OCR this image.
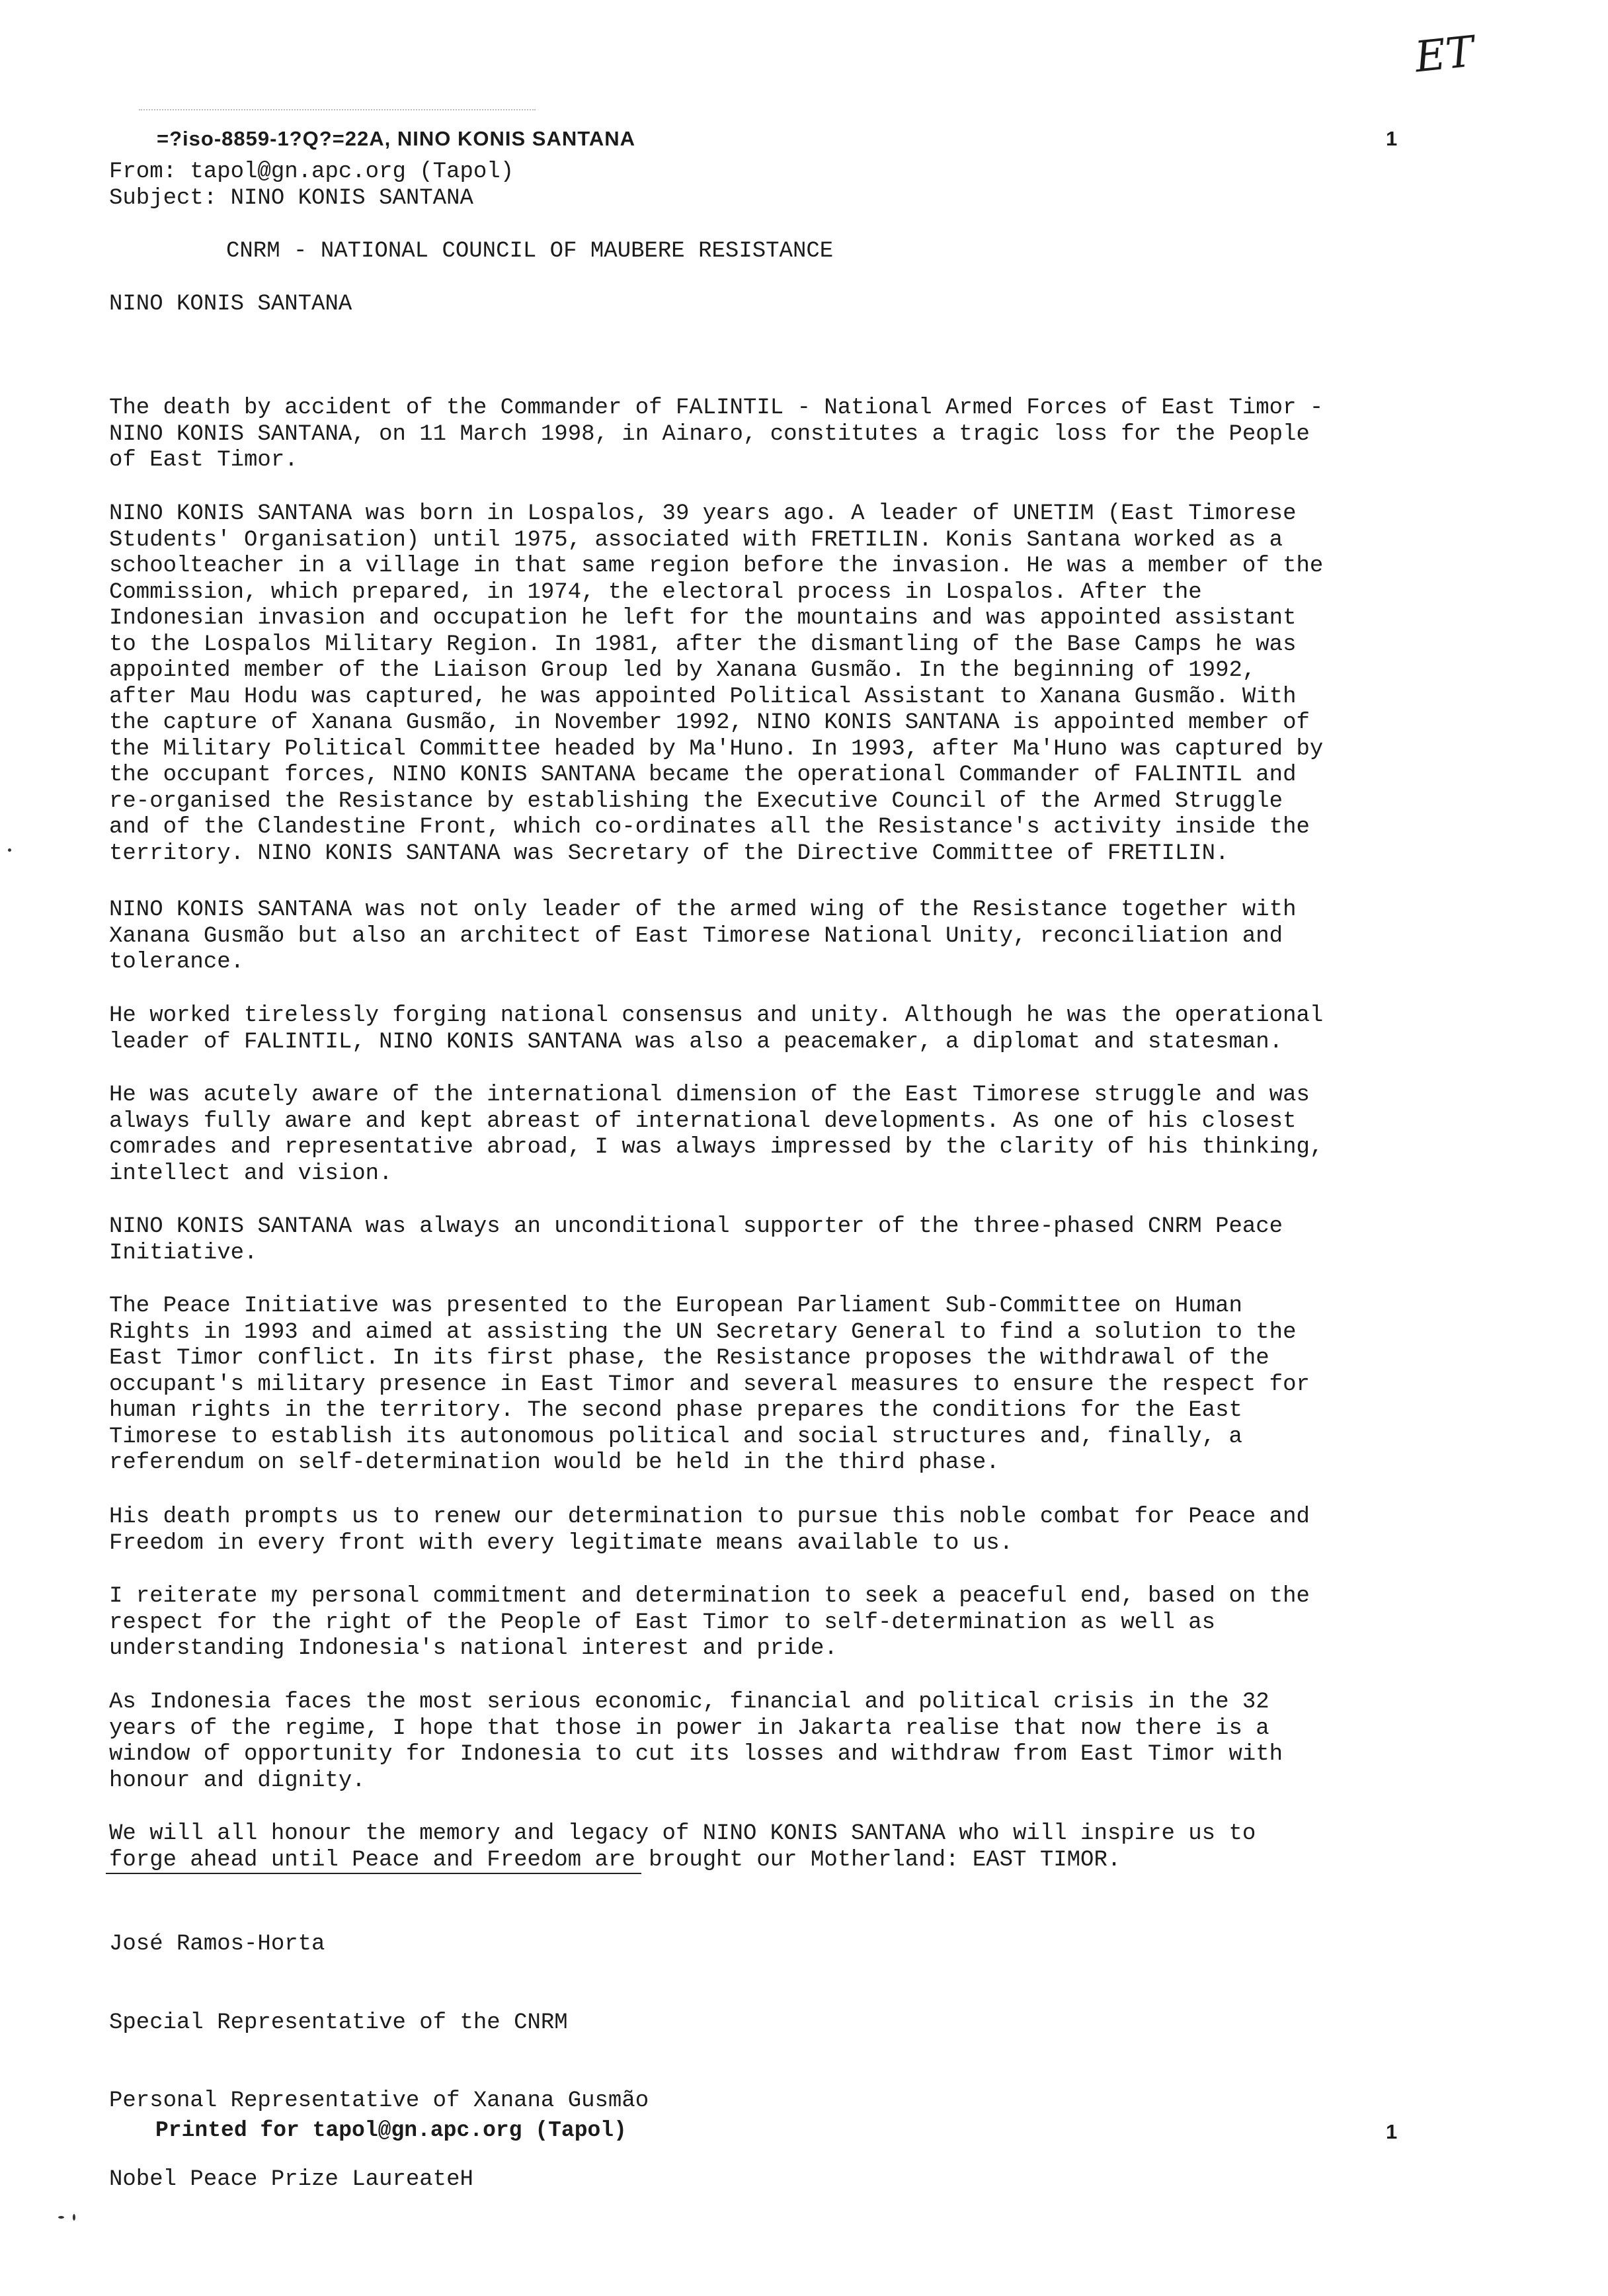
ET
=?iso-8859-1?Q?=22A, NINO KONIS SANTANA	1
From: tapol@gn.apc.org (Tapol)
Subject: NINO KONIS SANTANA
CNRM - NATIONAL COUNCIL OF MAUBERE RESISTANCE
NINO KONIS SANTANA

The death by accident of the Commander of FALINTIL - National Armed Forces of East Timor -
NINO KONIS SANTANA, on 11 March 1998, in Ainaro, constitutes a tragic loss for the People
of East Timor.

NINO KONIS SANTANA was born in Lospalos, 39 years ago. A leader of UNETIM (East Timorese
Students' Organisation) until 1975, associated with FRETILIN. Konis Santana worked as a
schoolteacher in a village in that same region before the invasion. He was a member of the
Commission, which prepared, in 1974, the electoral process in Lospalos. After the
Indonesian invasion and occupation he left for the mountains and was appointed assistant
to the Lospalos Military Region. In 1981, after the dismantling of the Base Camps he was
appointed member of the Liaison Group led by Xanana Gusmão. In the beginning of 1992,
after Mau Hodu was captured, he was appointed Political Assistant to Xanana Gusmão. With
the capture of Xanana Gusmão, in November 1992, NINO KONIS SANTANA is appointed member of
the Military Political Committee headed by Ma'Huno. In 1993, after Ma'Huno was captured by
the occupant forces, NINO KONIS SANTANA became the operational Commander of FALINTIL and
re-organised the Resistance by establishing the Executive Council of the Armed Struggle
and of the Clandestine Front, which co-ordinates all the Resistance's activity inside the
territory. NINO KONIS SANTANA was Secretary of the Directive Committee of FRETILIN.

NINO KONIS SANTANA was not only leader of the armed wing of the Resistance together with
Xanana Gusmão but also an architect of East Timorese National Unity, reconciliation and
tolerance.

He worked tirelessly forging national consensus and unity. Although he was the operational
leader of FALINTIL, NINO KONIS SANTANA was also a peacemaker, a diplomat and statesman.

He was acutely aware of the international dimension of the East Timorese struggle and was
always fully aware and kept abreast of international developments. As one of his closest
comrades and representative abroad, I was always impressed by the clarity of his thinking,
intellect and vision.

NINO KONIS SANTANA was always an unconditional supporter of the three-phased CNRM Peace
Initiative.

The Peace Initiative was presented to the European Parliament Sub-Committee on Human
Rights in 1993 and aimed at assisting the UN Secretary General to find a solution to the
East Timor conflict. In its first phase, the Resistance proposes the withdrawal of the
occupant's military presence in East Timor and several measures to ensure the respect for
human rights in the territory. The second phase prepares the conditions for the East
Timorese to establish its autonomous political and social structures and, finally, a
referendum on self-determination would be held in the third phase.

His death prompts us to renew our determination to pursue this noble combat for Peace and
Freedom in every front with every legitimate means available to us.

I reiterate my personal commitment and determination to seek a peaceful end, based on the
respect for the right of the People of East Timor to self-determination as well as
understanding Indonesia's national interest and pride.

As Indonesia faces the most serious economic, financial and political crisis in the 32
years of the regime, I hope that those in power in Jakarta realise that now there is a
window of opportunity for Indonesia to cut its losses and withdraw from East Timor with
honour and dignity.

We will all honour the memory and legacy of NINO KONIS SANTANA who will inspire us to
forge ahead until Peace and Freedom are brought our Motherland: EAST TIMOR.

José Ramos-Horta

Special Representative of the CNRM

Personal Representative of Xanana Gusmão

Nobel Peace Prize LaureateH

Printed for tapol@gn.apc.org (Tapol)	1
